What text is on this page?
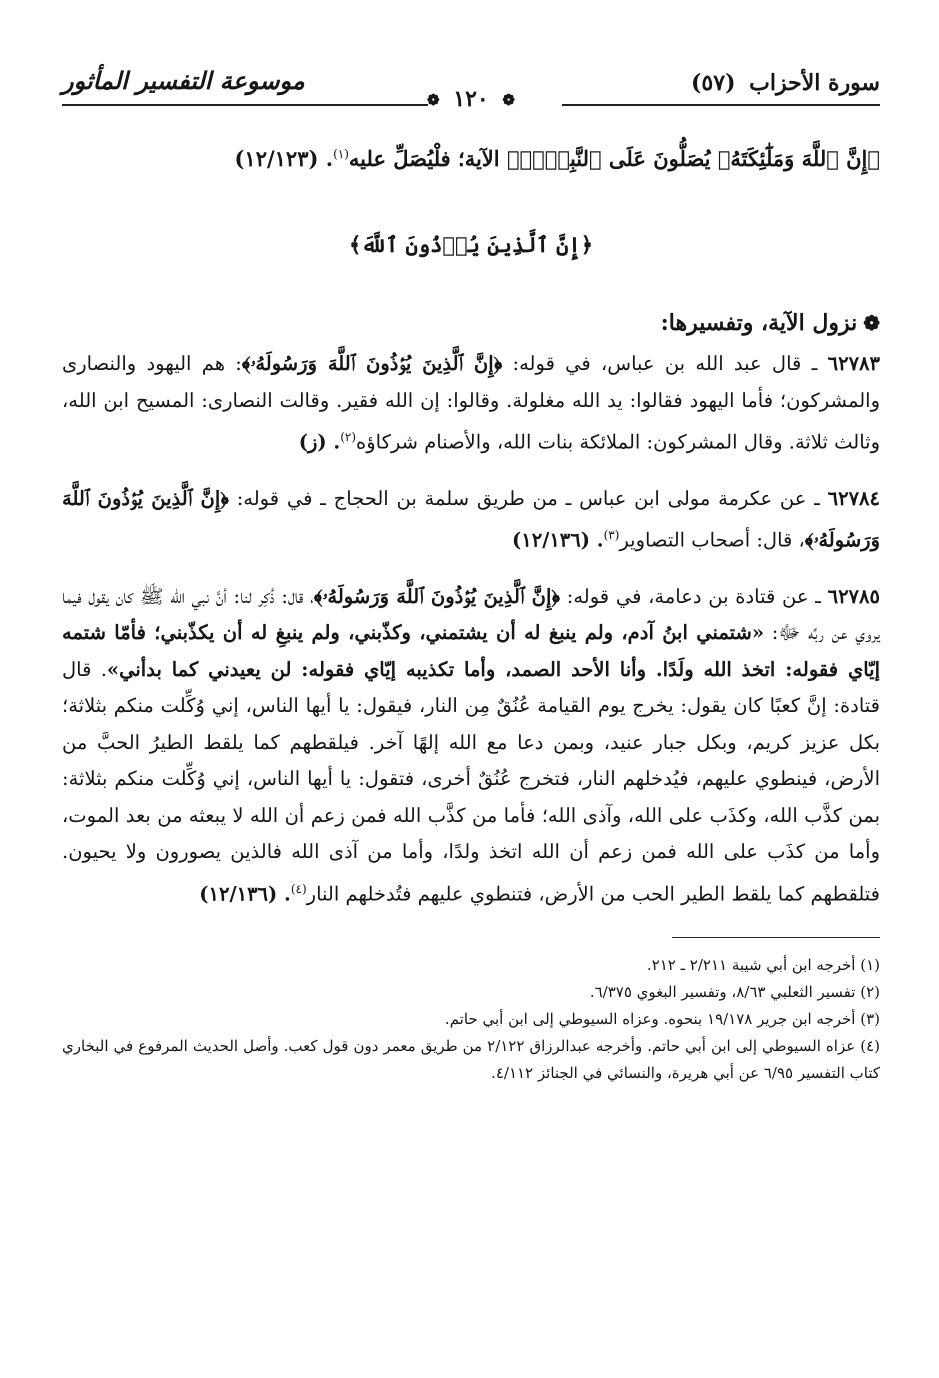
سورة الأحزاب (٥٧)
موسوعة التفسير المأثور
❁ ١٢٠ ❁
﴿إِنَّ ٱللَّهَ وَمَلَٰٓئِكَتَهُۥ يُصَلُّونَ عَلَى ٱلنَّبِيِّۚ﴾ الآية؛ فلْيُصَلِّ عليه$^{(١)}$. (١٢/١٢٣)
﴿إِنَّ ٱلَّذِينَ يُؤۡذُونَ ٱللَّهَ﴾
❁نزول الآية، وتفسيرها:

٦٢٧٨٣ ـ قال عبد الله بن عباس، في قوله: ﴿إِنَّ ٱلَّذِينَ يُؤۡذُونَ ٱللَّهَ وَرَسُولَهُۥ﴾: هم اليهود والنصارى والمشركون؛ فأما اليهود فقالوا: يد الله مغلولة. وقالوا: إن الله فقير. وقالت النصارى: المسيح ابن الله، وثالث ثلاثة. وقال المشركون: الملائكة بنات الله، والأصنام شركاؤه$^{(٢)}$. (ز)

٦٢٧٨٤ ـ عن عكرمة مولى ابن عباس ـ من طريق سلمة بن الحجاج ـ في قوله: ﴿إِنَّ ٱلَّذِينَ يُؤۡذُونَ ٱللَّهَ وَرَسُولَهُۥ﴾، قال: أصحاب التصاوير$^{(٣)}$. (١٢/١٣٦)

٦٢٧٨٥ ـ عن قتادة بن دعامة، في قوله: ﴿إِنَّ ٱلَّذِينَ يُؤۡذُونَ ٱللَّهَ وَرَسُولَهُۥ﴾، قال: ذُكِر لنا: أنَّ نبي الله ﷺ كان يقول فيما يروي عن ربِّه ﷻ: «شتمني ابنُ آدم، ولم ينبغ له أن يشتمني، وكذّبني، ولم ينبغِ له أن يكذّبني؛ فأمّا شتمه إيّاي فقوله: اتخذ الله ولَدًا. وأنا الأحد الصمد، وأما تكذيبه إيّاي فقوله: لن يعيدني كما بدأني». قال قتادة: إنَّ كعبًا كان يقول: يخرج يوم القيامة عُنُقٌ مِن النار، فيقول: يا أيها الناس، إني وُكِّلت منكم بثلاثة؛ بكل عزيز كريم، وبكل جبار عنيد، وبمن دعا مع الله إلهًا آخر. فيلقطهم كما يلقط الطيرُ الحبَّ من الأرض، فينطوي عليهم، فيُدخلهم النار، فتخرج عُنُقٌ أخرى، فتقول: يا أيها الناس، إني وُكِّلت منكم بثلاثة: بمن كذَّب الله، وكذَب على الله، وآذى الله؛ فأما من كذَّب الله فمن زعم أن الله لا يبعثه من بعد الموت، وأما من كذَب على الله فمن زعم أن الله اتخذ ولدًا، وأما من آذى الله فالذين يصورون ولا يحيون. فتلقطهم كما يلقط الطير الحب من الأرض، فتنطوي عليهم فتُدخلهم النار$^{(٤)}$. (١٢/١٣٦)

(١) أخرجه ابن أبي شيبة ٢/٢١١ ـ ٢١٢.
(٢) تفسير الثعلبي ٨/٦٣، وتفسير البغوي ٦/٣٧٥.
(٣) أخرجه ابن جرير ١٩/١٧٨ بنحوه. وعزاه السيوطي إلى ابن أبي حاتم.
(٤) عزاه السيوطي إلى ابن أبي حاتم. وأخرجه عبدالرزاق ٢/١٢٢ من طريق معمر دون قول كعب. وأصل الحديث المرفوع في البخاري كتاب التفسير ٦/٩٥ عن أبي هريرة، والنسائي في الجنائز ٤/١١٢.
